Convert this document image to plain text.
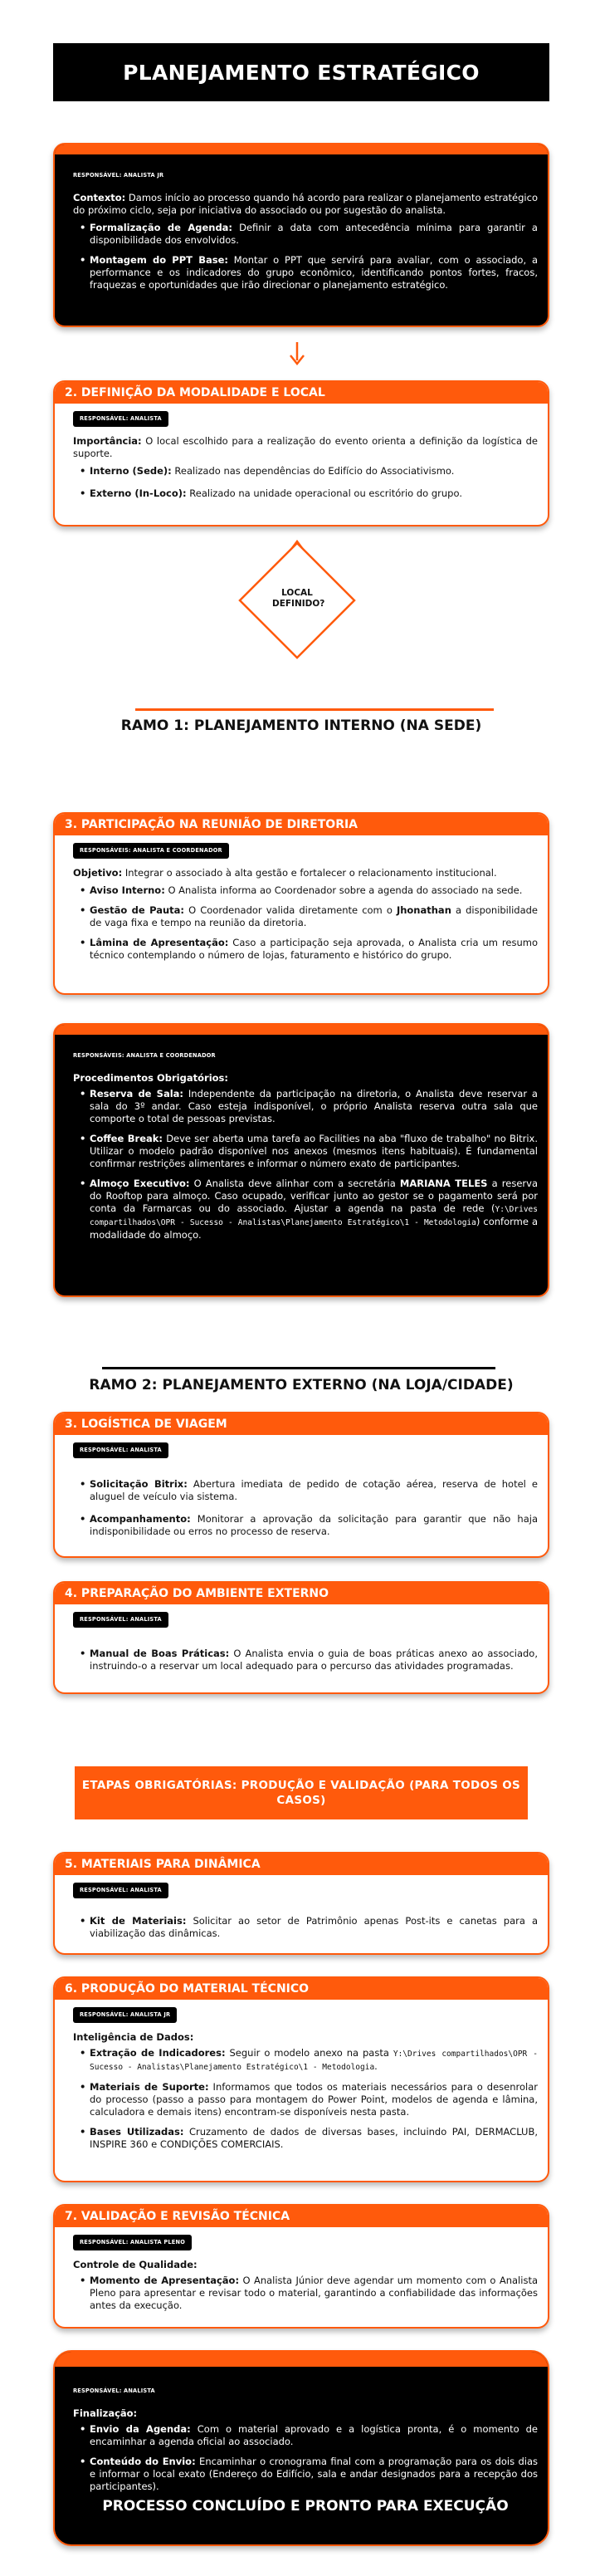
PLANEJAMENTO ESTRATÉGICO
RESPONSÁVEL: ANALISTA JR
Contexto: Damos início ao processo quando há acordo para realizar o planejamento estratégico do próximo ciclo, seja por iniciativa do associado ou por sugestão do analista.
• Formalização de Agenda: Definir a data com antecedência mínima para garantir a disponibilidade dos envolvidos.
• Montagem do PPT Base: Montar o PPT que servirá para avaliar, com o associado, a performance e os indicadores do grupo econômico, identificando pontos fortes, fracos, fraquezas e oportunidades que irão direcionar o planejamento estratégico.
2. DEFINIÇÃO DA MODALIDADE E LOCAL
RESPONSÁVEL: ANALISTA
Importância: O local escolhido para a realização do evento orienta a definição da logística de suporte.
• Interno (Sede): Realizado nas dependências do Edifício do Associativismo.
• Externo (In-Loco): Realizado na unidade operacional ou escritório do grupo.
LOCAL DEFINIDO?
RAMO 1: PLANEJAMENTO INTERNO (NA SEDE)
3. PARTICIPAÇÃO NA REUNIÃO DE DIRETORIA
RESPONSÁVEIS: ANALISTA E COORDENADOR
Objetivo: Integrar o associado à alta gestão e fortalecer o relacionamento institucional.
• Aviso Interno: O Analista informa ao Coordenador sobre a agenda do associado na sede.
• Gestão de Pauta: O Coordenador valida diretamente com o Jhonathan a disponibilidade de vaga fixa e tempo na reunião da diretoria.
• Lâmina de Apresentação: Caso a participação seja aprovada, o Analista cria um resumo técnico contemplando o número de lojas, faturamento e histórico do grupo.
RESPONSÁVEIS: ANALISTA E COORDENADOR
Procedimentos Obrigatórios:
• Reserva de Sala: Independente da participação na diretoria, o Analista deve reservar a sala do 3º andar. Caso esteja indisponível, o próprio Analista reserva outra sala que comporte o total de pessoas previstas.
• Coffee Break: Deve ser aberta uma tarefa ao Facilities na aba "fluxo de trabalho" no Bitrix. Utilizar o modelo padrão disponível nos anexos (mesmos itens habituais). É fundamental confirmar restrições alimentares e informar o número exato de participantes.
• Almoço Executivo: O Analista deve alinhar com a secretária MARIANA TELES a reserva do Rooftop para almoço. Caso ocupado, verificar junto ao gestor se o pagamento será por conta da Farmarcas ou do associado. Ajustar a agenda na pasta de rede (Y:\Drives compartilhados\OPR - Sucesso - Analistas\Planejamento Estratégico\1 - Metodologia) conforme a modalidade do almoço.
RAMO 2: PLANEJAMENTO EXTERNO (NA LOJA/CIDADE)
3. LOGÍSTICA DE VIAGEM
RESPONSÁVEL: ANALISTA
• Solicitação Bitrix: Abertura imediata de pedido de cotação aérea, reserva de hotel e aluguel de veículo via sistema.
• Acompanhamento: Monitorar a aprovação da solicitação para garantir que não haja indisponibilidade ou erros no processo de reserva.
4. PREPARAÇÃO DO AMBIENTE EXTERNO
RESPONSÁVEL: ANALISTA
• Manual de Boas Práticas: O Analista envia o guia de boas práticas anexo ao associado, instruindo-o a reservar um local adequado para o percurso das atividades programadas.
ETAPAS OBRIGATÓRIAS: PRODUÇÃO E VALIDAÇÃO (PARA TODOS OS CASOS)
5. MATERIAIS PARA DINÂMICA
RESPONSÁVEL: ANALISTA
• Kit de Materiais: Solicitar ao setor de Patrimônio apenas Post-its e canetas para a viabilização das dinâmicas.
6. PRODUÇÃO DO MATERIAL TÉCNICO
RESPONSÁVEL: ANALISTA JR
Inteligência de Dados:
• Extração de Indicadores: Seguir o modelo anexo na pasta Y:\Drives compartilhados\OPR - Sucesso - Analistas\Planejamento Estratégico\1 - Metodologia.
• Materiais de Suporte: Informamos que todos os materiais necessários para o desenrolar do processo (passo a passo para montagem do Power Point, modelos de agenda e lâmina, calculadora e demais itens) encontram-se disponíveis nesta pasta.
• Bases Utilizadas: Cruzamento de dados de diversas bases, incluindo PAI, DERMACLUB, INSPIRE 360 e CONDIÇÕES COMERCIAIS.
7. VALIDAÇÃO E REVISÃO TÉCNICA
RESPONSÁVEL: ANALISTA PLENO
Controle de Qualidade:
• Momento de Apresentação: O Analista Júnior deve agendar um momento com o Analista Pleno para apresentar e revisar todo o material, garantindo a confiabilidade das informações antes da execução.
RESPONSÁVEL: ANALISTA
Finalização:
• Envio da Agenda: Com o material aprovado e a logística pronta, é o momento de encaminhar a agenda oficial ao associado.
• Conteúdo do Envio: Encaminhar o cronograma final com a programação para os dois dias e informar o local exato (Endereço do Edifício, sala e andar designados para a recepção dos participantes).
PROCESSO CONCLUÍDO E PRONTO PARA EXECUÇÃO
